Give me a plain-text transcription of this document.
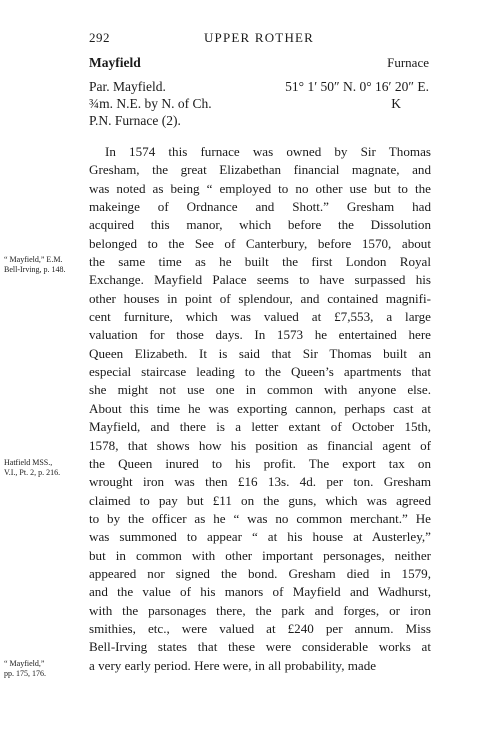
292	UPPER ROTHER
Mayfield	Furnace
Par. Mayfield.	51° 1′ 50″ N. 0° 16′ 20″ E.
¾m. N.E. by N. of Ch.	K
P.N. Furnace (2).
“ Mayfield,” E.M.
Bell-Irving, p. 148.
Hatfield MSS.,
V.I., Pt. 2, p. 216.
“ Mayfield,”
pp. 175, 176.
In 1574 this furnace was owned by Sir Thomas
Gresham, the great Elizabethan financial magnate, and
was noted as being “ employed to no other use but to the
makeinge of Ordnance and Shott.” Gresham had
acquired this manor, which before the Dissolution
belonged to the See of Canterbury, before 1570, about
the same time as he built the first London Royal
Exchange. Mayfield Palace seems to have surpassed his
other houses in point of splendour, and contained magnifi-
cent furniture, which was valued at £7,553, a large
valuation for those days. In 1573 he entertained here
Queen Elizabeth. It is said that Sir Thomas built an
especial staircase leading to the Queen’s apartments that
she might not use one in common with anyone else.
About this time he was exporting cannon, perhaps cast at
Mayfield, and there is a letter extant of October 15th,
1578, that shows how his position as financial agent of
the Queen inured to his profit. The export tax on
wrought iron was then £16 13s. 4d. per ton. Gresham
claimed to pay but £11 on the guns, which was agreed
to by the officer as he “ was no common merchant.” He
was summoned to appear “ at his house at Austerley,”
but in common with other important personages, neither
appeared nor signed the bond. Gresham died in 1579,
and the value of his manors of Mayfield and Wadhurst,
with the parsonages there, the park and forges, or iron
smithies, etc., were valued at £240 per annum. Miss
Bell-Irving states that these were considerable works at
a very early period. Here were, in all probability, made
